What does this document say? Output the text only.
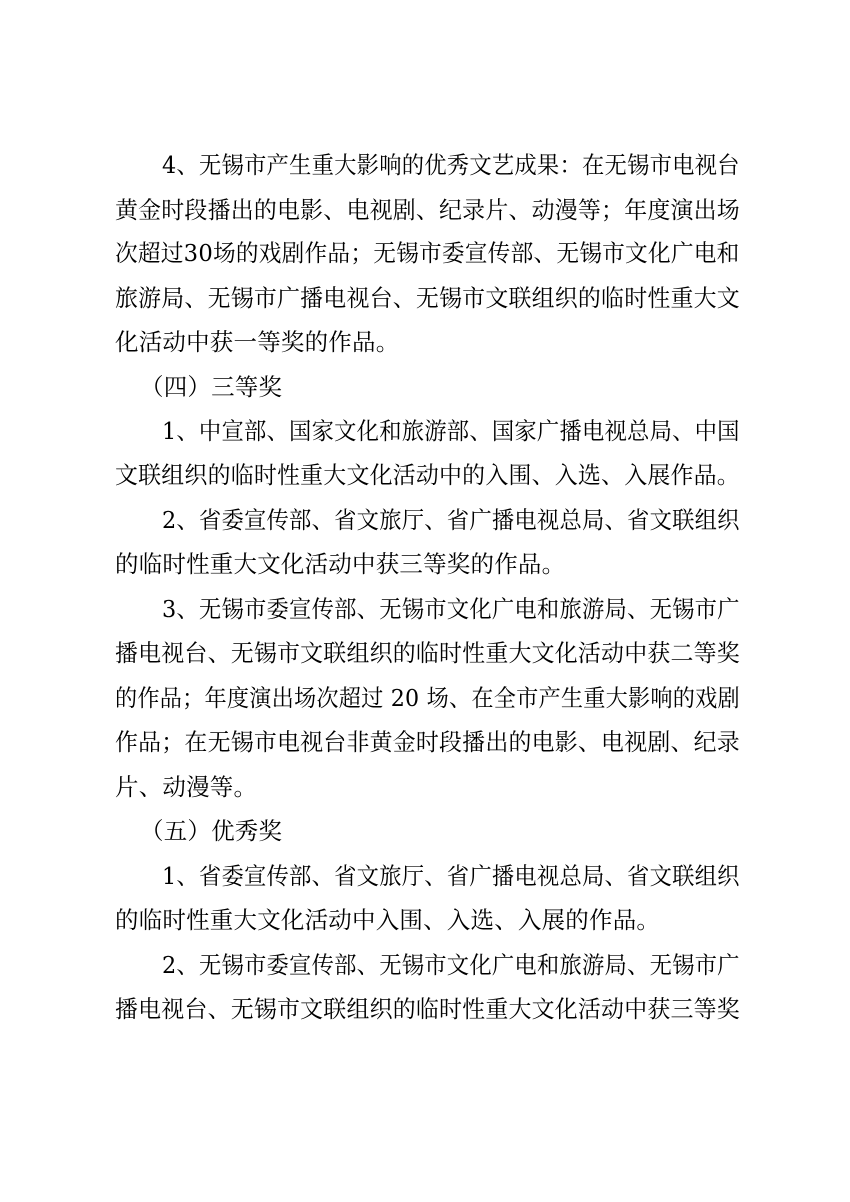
4、无锡市产生重大影响的优秀文艺成果：在无锡市电视台
黄金时段播出的电影、电视剧、纪录片、动漫等；年度演出场
次超过30场的戏剧作品；无锡市委宣传部、无锡市文化广电和
旅游局、无锡市广播电视台、无锡市文联组织的临时性重大文
化活动中获一等奖的作品。
（四）三等奖
1、中宣部、国家文化和旅游部、国家广播电视总局、中国
文联组织的临时性重大文化活动中的入围、入选、入展作品。
2、省委宣传部、省文旅厅、省广播电视总局、省文联组织
的临时性重大文化活动中获三等奖的作品。
3、无锡市委宣传部、无锡市文化广电和旅游局、无锡市广
播电视台、无锡市文联组织的临时性重大文化活动中获二等奖
的作品；年度演出场次超过 20 场、在全市产生重大影响的戏剧
作品；在无锡市电视台非黄金时段播出的电影、电视剧、纪录
片、动漫等。
（五）优秀奖
1、省委宣传部、省文旅厅、省广播电视总局、省文联组织
的临时性重大文化活动中入围、入选、入展的作品。
2、无锡市委宣传部、无锡市文化广电和旅游局、无锡市广
播电视台、无锡市文联组织的临时性重大文化活动中获三等奖
